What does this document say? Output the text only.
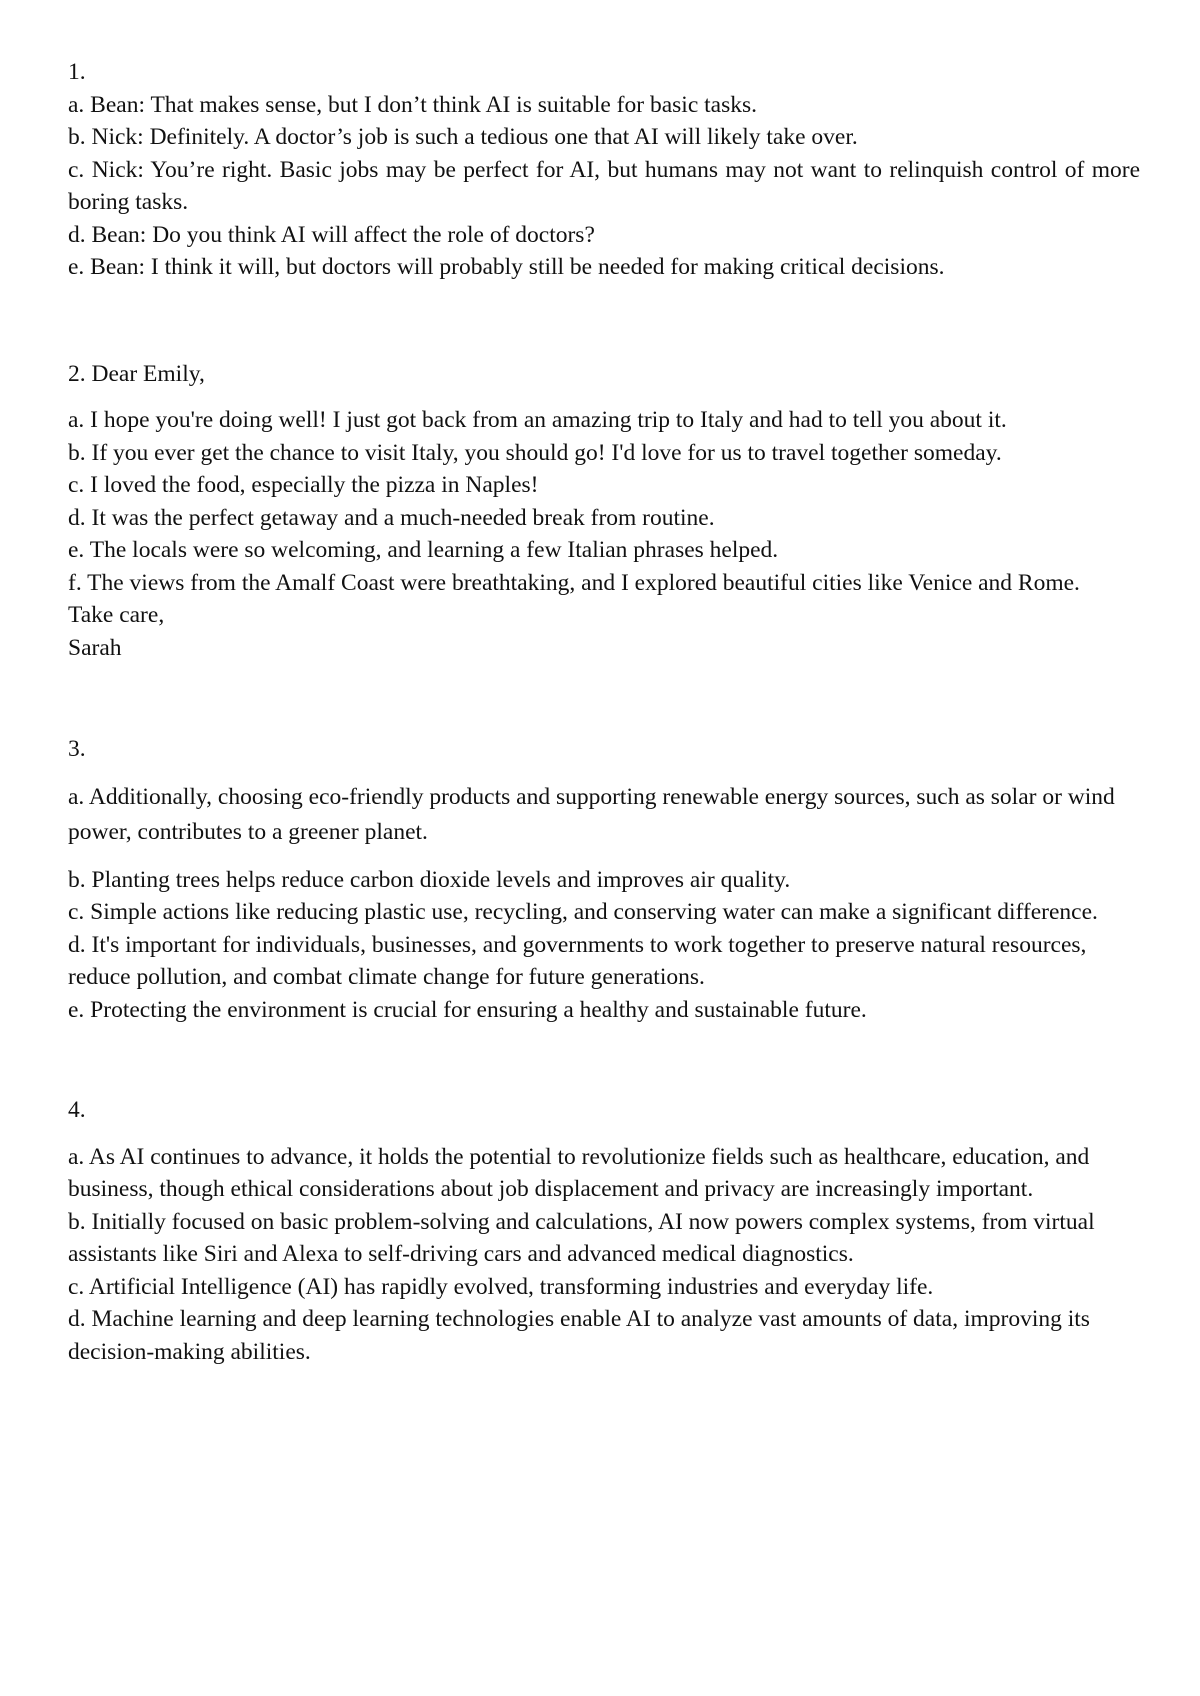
1.

a. Bean: That makes sense, but I don’t think AI is suitable for basic tasks.

b. Nick: Definitely. A doctor’s job is such a tedious one that AI will likely take over.

c. Nick: You’re right. Basic jobs may be perfect for AI, but humans may not want to relinquish control of more boring tasks.

d. Bean: Do you think AI will affect the role of doctors?

e. Bean: I think it will, but doctors will probably still be needed for making critical decisions.

2. Dear Emily,

a. I hope you're doing well! I just got back from an amazing trip to Italy and had to tell you about it.

b. If you ever get the chance to visit Italy, you should go! I'd love for us to travel together someday.

c. I loved the food, especially the pizza in Naples!

d. It was the perfect getaway and a much-needed break from routine.

e. The locals were so welcoming, and learning a few Italian phrases helped.

f. The views from the Amalf Coast were breathtaking, and I explored beautiful cities like Venice and Rome.

Take care,

Sarah

3.

a. Additionally, choosing eco-friendly products and supporting renewable energy sources, such as solar or wind power, contributes to a greener planet.

b. Planting trees helps reduce carbon dioxide levels and improves air quality.

c. Simple actions like reducing plastic use, recycling, and conserving water can make a significant difference.

d. It's important for individuals, businesses, and governments to work together to preserve natural resources, reduce pollution, and combat climate change for future generations.

e. Protecting the environment is crucial for ensuring a healthy and sustainable future.

4.

a. As AI continues to advance, it holds the potential to revolutionize fields such as healthcare, education, and business, though ethical considerations about job displacement and privacy are increasingly important.

b. Initially focused on basic problem-solving and calculations, AI now powers complex systems, from virtual assistants like Siri and Alexa to self-driving cars and advanced medical diagnostics.

c. Artificial Intelligence (AI) has rapidly evolved, transforming industries and everyday life.

d. Machine learning and deep learning technologies enable AI to analyze vast amounts of data, improving its decision-making abilities.
